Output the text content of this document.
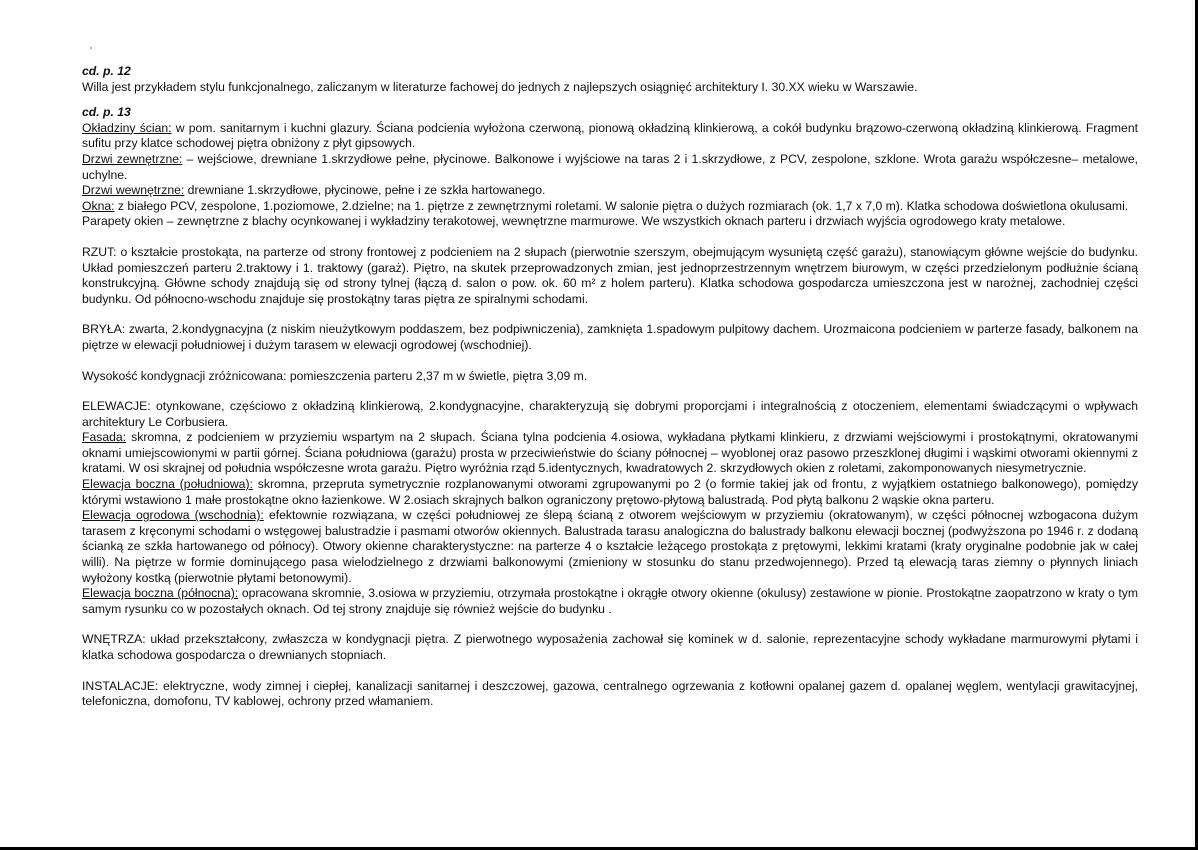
cd. p. 12

Willa jest przykładem stylu funkcjonalnego, zaliczanym w literaturze fachowej do jednych z najlepszych osiągnięć architektury I. 30.XX wieku w Warszawie.

cd. p. 13

Okładziny ścian: w pom. sanitarnym i kuchni glazury. Ściana podcienia wyłożona czerwoną, pionową okładziną klinkierową, a cokół budynku brązowo-czerwoną okładziną klinkierową. Fragment sufitu przy klatce schodowej piętra obniżony z płyt gipsowych.

Drzwi zewnętrzne: – wejściowe, drewniane 1.skrzydłowe pełne, płycinowe. Balkonowe i wyjściowe na taras 2 i 1.skrzydłowe, z PCV, zespolone, szklone. Wrota garażu współczesne– metalowe, uchylne.

Drzwi wewnętrzne: drewniane 1.skrzydłowe, płycinowe, pełne i ze szkła hartowanego.

Okna: z białego PCV, zespolone, 1.poziomowe, 2.dzielne; na 1. piętrze z zewnętrznymi roletami. W salonie piętra o dużych rozmiarach (ok. 1,7 x 7,0 m). Klatka schodowa doświetlona okulusami.

Parapety okien – zewnętrzne z blachy ocynkowanej i wykładziny terakotowej, wewnętrzne marmurowe. We wszystkich oknach parteru i drzwiach wyjścia ogrodowego kraty metalowe.

RZUT: o kształcie prostokąta, na parterze od strony frontowej z podcieniem na 2 słupach (pierwotnie szerszym, obejmującym wysuniętą część garażu), stanowiącym główne wejście do budynku. Układ pomieszczeń parteru 2.traktowy i 1. traktowy (garaż). Piętro, na skutek przeprowadzonych zmian, jest jednoprzestrzennym wnętrzem biurowym, w części przedzielonym podłużnie ścianą konstrukcyjną. Główne schody znajdują się od strony tylnej (łączą d. salon o pow. ok. 60 m² z holem parteru). Klatka schodowa gospodarcza umieszczona jest w narożnej, zachodniej części budynku. Od północno-wschodu znajduje się prostokątny taras piętra ze spiralnymi schodami.

BRYŁA: zwarta, 2.kondygnacyjna (z niskim nieużytkowym poddaszem, bez podpiwniczenia), zamknięta 1.spadowym pulpitowy dachem. Urozmaicona podcieniem w parterze fasady, balkonem na piętrze w elewacji południowej i dużym tarasem w elewacji ogrodowej (wschodniej).

Wysokość kondygnacji zróżnicowana: pomieszczenia parteru 2,37 m w świetle, piętra 3,09 m.

ELEWACJE: otynkowane, częściowo z okładziną klinkierową, 2.kondygnacyjne, charakteryzują się dobrymi proporcjami i integralnością z otoczeniem, elementami świadczącymi o wpływach architektury Le Corbusiera.

Fasada: skromna, z podcieniem w przyziemiu wspartym na 2 słupach. Ściana tylna podcienia 4.osiowa, wykładana płytkami klinkieru, z drzwiami wejściowymi i prostokątnymi, okratowanymi oknami umiejscowionymi w partii górnej. Ściana południowa (garażu) prosta w przeciwieństwie do ściany północnej – wyoblonej oraz pasowo przeszklonej długimi i wąskimi otworami okiennymi z kratami. W osi skrajnej od południa współczesne wrota garażu. Piętro wyróżnia rząd 5.identycznych, kwadratowych 2. skrzydłowych okien z roletami, zakomponowanych niesymetrycznie.

Elewacja boczna (południowa): skromna, przepruta symetrycznie rozplanowanymi otworami zgrupowanymi po 2 (o formie takiej jak od frontu, z wyjątkiem ostatniego balkonowego), pomiędzy którymi wstawiono 1 małe prostokątne okno łazienkowe. W 2.osiach skrajnych balkon ograniczony prętowo-płytową balustradą. Pod płytą balkonu 2 wąskie okna parteru.

Elewacja ogrodowa (wschodnia): efektownie rozwiązana, w części południowej ze ślepą ścianą z otworem wejściowym w przyziemiu (okratowanym), w części północnej wzbogacona dużym tarasem z kręconymi schodami o wstęgowej balustradzie i pasmami otworów okiennych. Balustrada tarasu analogiczna do balustrady balkonu elewacji bocznej (podwyższona po 1946 r. z dodaną ścianką ze szkła hartowanego od północy). Otwory okienne charakterystyczne: na parterze 4 o kształcie leżącego prostokąta z prętowymi, lekkimi kratami (kraty oryginalne podobnie jak w całej willi). Na piętrze w formie dominującego pasa wielodzielnego z drzwiami balkonowymi (zmieniony w stosunku do stanu przedwojennego). Przed tą elewacją taras ziemny o płynnych liniach wyłożony kostką (pierwotnie płytami betonowymi).

Elewacja boczna (północna): opracowana skromnie, 3.osiowa w przyziemiu, otrzymała prostokątne i okrągłe otwory okienne (okulusy) zestawione w pionie. Prostokątne zaopatrzono w kraty o tym samym rysunku co w pozostałych oknach. Od tej strony znajduje się również wejście do budynku .

WNĘTRZA: układ przekształcony, zwłaszcza w kondygnacji piętra. Z pierwotnego wyposażenia zachował się kominek w d. salonie, reprezentacyjne schody wykładane marmurowymi płytami i klatka schodowa gospodarcza o drewnianych stopniach.

INSTALACJE: elektryczne, wody zimnej i ciepłej, kanalizacji sanitarnej i deszczowej, gazowa, centralnego ogrzewania z kotłowni opalanej gazem d. opalanej węglem, wentylacji grawitacyjnej, telefoniczna, domofonu, TV kablowej, ochrony przed włamaniem.
